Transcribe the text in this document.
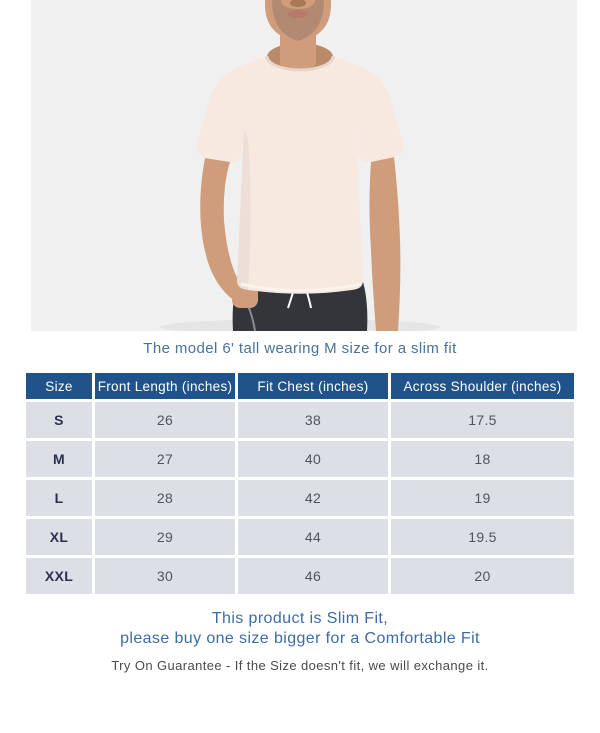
The model 6' tall wearing M size for a slim fit

Size	Front Length (inches)	Fit Chest (inches)	Across Shoulder (inches)
S	26	38	17.5
M	27	40	18
L	28	42	19
XL	29	44	19.5
XXL	30	46	20

This product is Slim Fit,
please buy one size bigger for a Comfortable Fit

Try On Guarantee - If the Size doesn't fit, we will exchange it.
